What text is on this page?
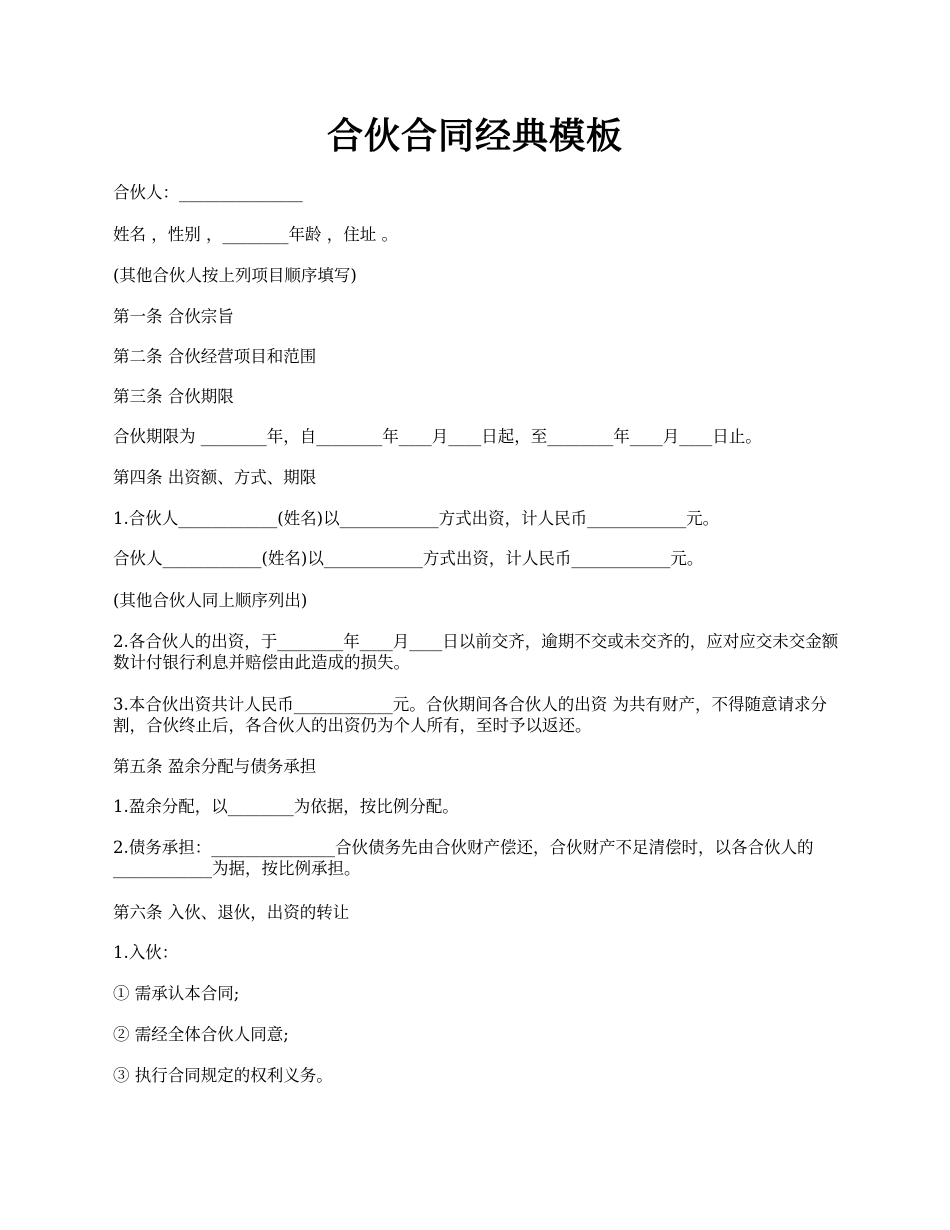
合伙合同经典模板
合伙人：_______________
姓名 ，性别 ，________年龄 ，住址 。
(其他合伙人按上列项目顺序填写)
第一条 合伙宗旨
第二条 合伙经营项目和范围
第三条 合伙期限
合伙期限为 ________年，自________年____月____日起，至________年____月____日止。
第四条 出资额、方式、期限
1.合伙人____________(姓名)以____________方式出资，计人民币____________元。
合伙人____________(姓名)以____________方式出资，计人民币____________元。
(其他合伙人同上顺序列出)
2.各合伙人的出资，于________年____月____日以前交齐，逾期不交或未交齐的，应对应交未交金额数计付银行利息并赔偿由此造成的损失。
3.本合伙出资共计人民币____________元。合伙期间各合伙人的出资 为共有财产，不得随意请求分割，合伙终止后，各合伙人的出资仍为个人所有，至时予以返还。
第五条 盈余分配与债务承担
1.盈余分配，以________为依据，按比例分配。
2.债务承担：_______________合伙债务先由合伙财产偿还，合伙财产不足清偿时，以各合伙人的____________为据，按比例承担。
第六条 入伙、退伙，出资的转让
1.入伙：
① 需承认本合同;
② 需经全体合伙人同意;
③ 执行合同规定的权利义务。
